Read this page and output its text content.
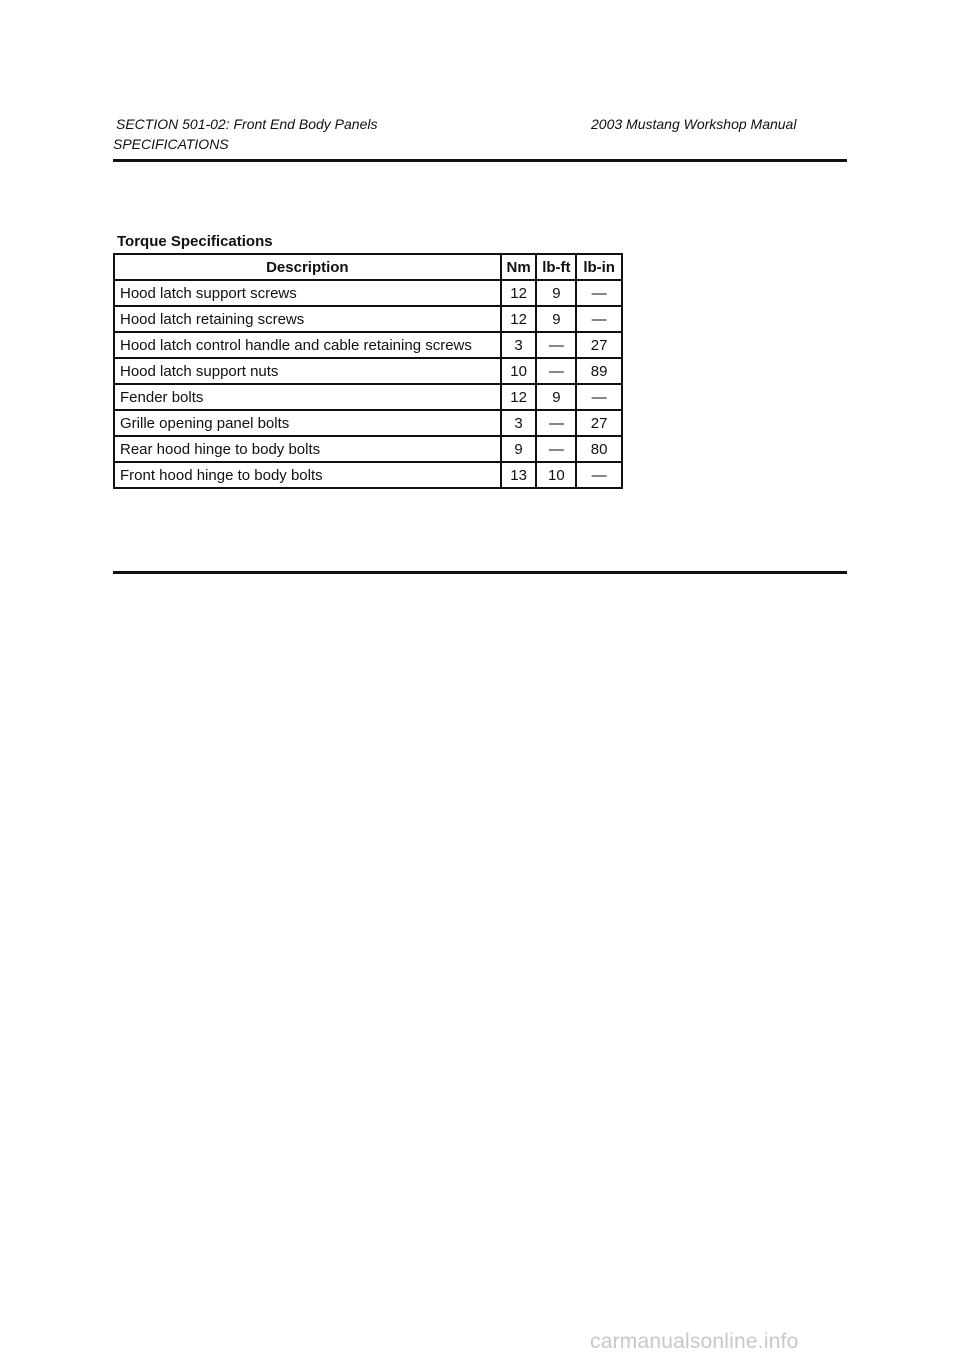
SECTION 501-02: Front End Body Panels	2003 Mustang Workshop Manual
SPECIFICATIONS
Torque Specifications
Description	Nm	lb-ft	lb-in
Hood latch support screws	12	9	—
Hood latch retaining screws	12	9	—
Hood latch control handle and cable retaining screws	3	—	27
Hood latch support nuts	10	—	89
Fender bolts	12	9	—
Grille opening panel bolts	3	—	27
Rear hood hinge to body bolts	9	—	80
Front hood hinge to body bolts	13	10	—
carmanualsonline.info
